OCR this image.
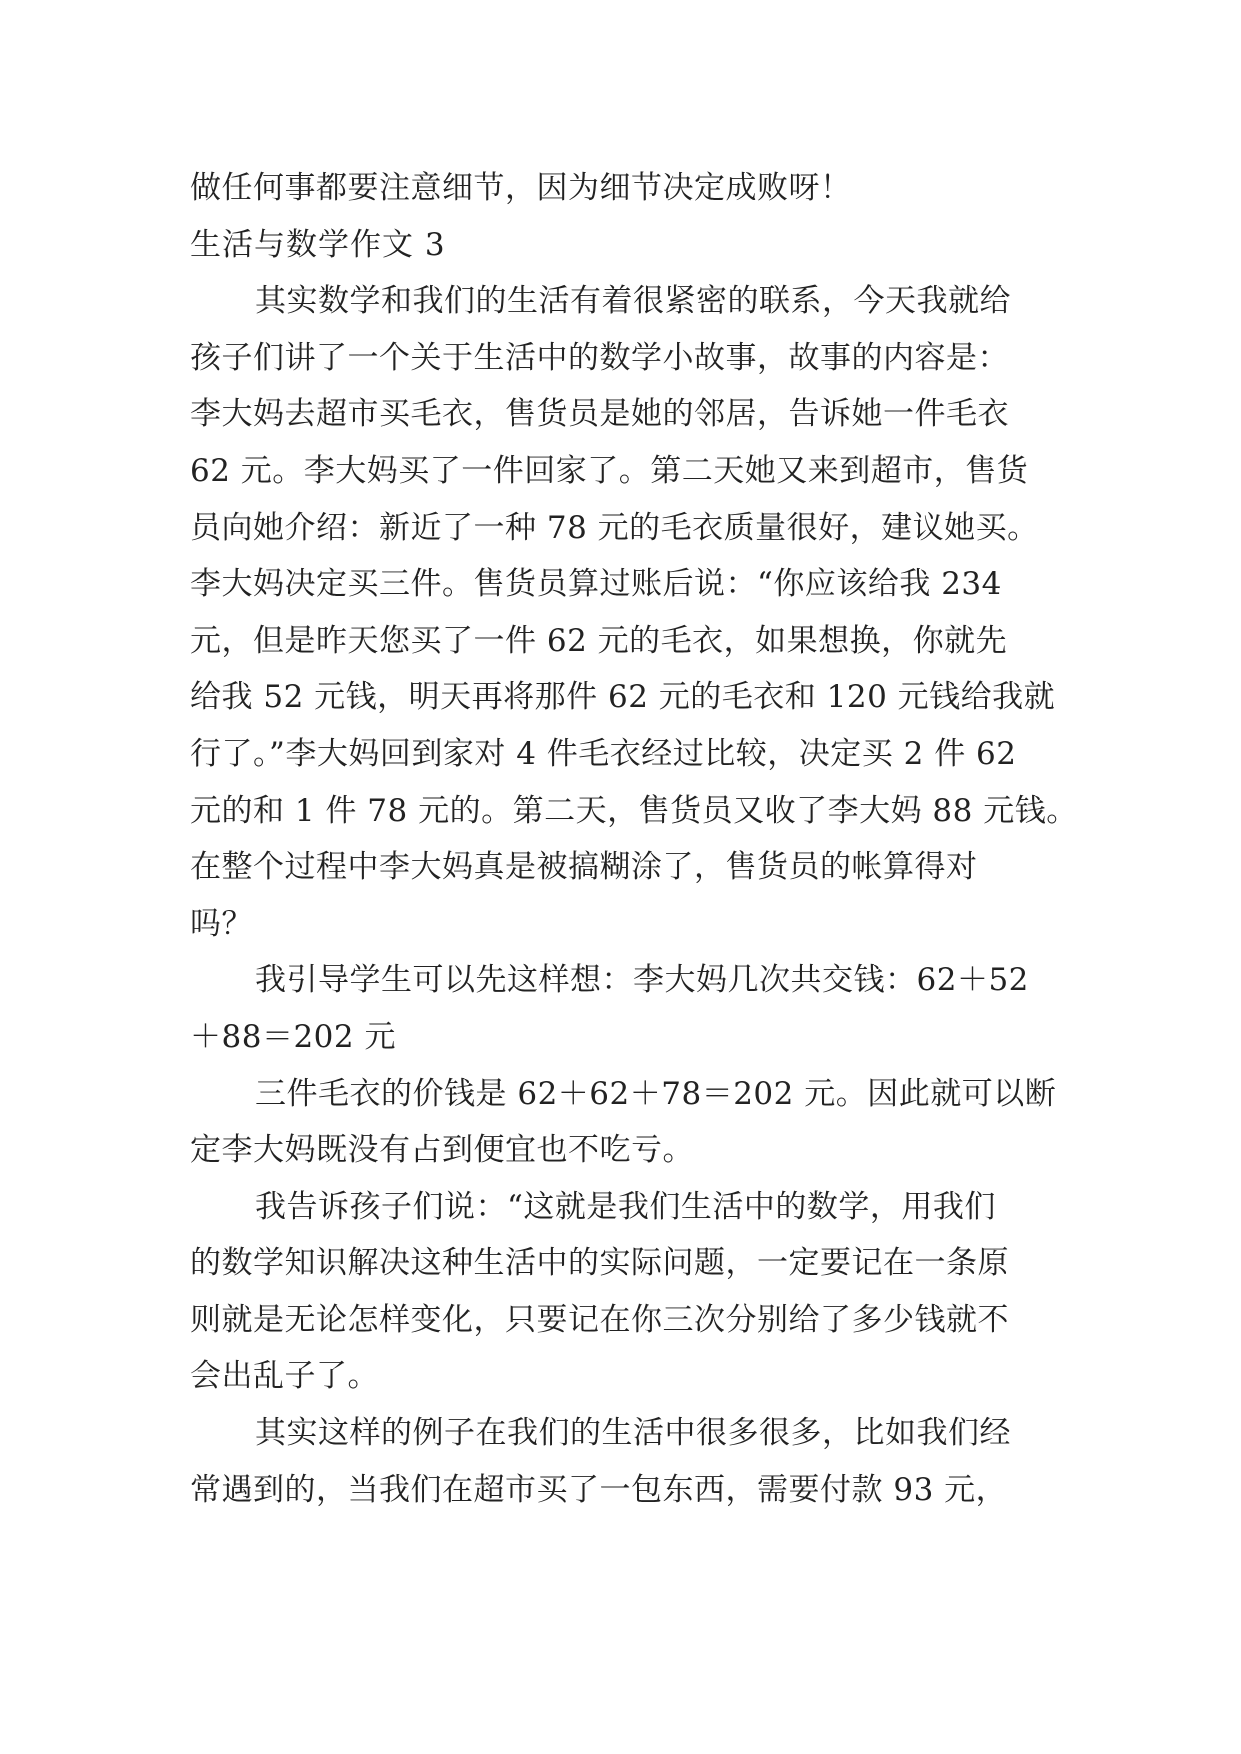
做任何事都要注意细节，因为细节决定成败呀！
生活与数学作文 3
其实数学和我们的生活有着很紧密的联系，今天我就给
孩子们讲了一个关于生活中的数学小故事，故事的内容是：
李大妈去超市买毛衣，售货员是她的邻居，告诉她一件毛衣
62 元。李大妈买了一件回家了。第二天她又来到超市，售货
员向她介绍：新近了一种 78 元的毛衣质量很好，建议她买。
李大妈决定买三件。售货员算过账后说：“你应该给我 234
元，但是昨天您买了一件 62 元的毛衣，如果想换，你就先
给我 52 元钱，明天再将那件 62 元的毛衣和 120 元钱给我就
行了。”李大妈回到家对 4 件毛衣经过比较，决定买 2 件 62
元的和 1 件 78 元的。第二天，售货员又收了李大妈 88 元钱。
在整个过程中李大妈真是被搞糊涂了，售货员的帐算得对
吗？
我引导学生可以先这样想：李大妈几次共交钱：62＋52
＋88＝202 元
三件毛衣的价钱是 62＋62＋78＝202 元。因此就可以断
定李大妈既没有占到便宜也不吃亏。
我告诉孩子们说：“这就是我们生活中的数学，用我们
的数学知识解决这种生活中的实际问题，一定要记在一条原
则就是无论怎样变化，只要记在你三次分别给了多少钱就不
会出乱子了。
其实这样的例子在我们的生活中很多很多，比如我们经
常遇到的，当我们在超市买了一包东西，需要付款 93 元，
